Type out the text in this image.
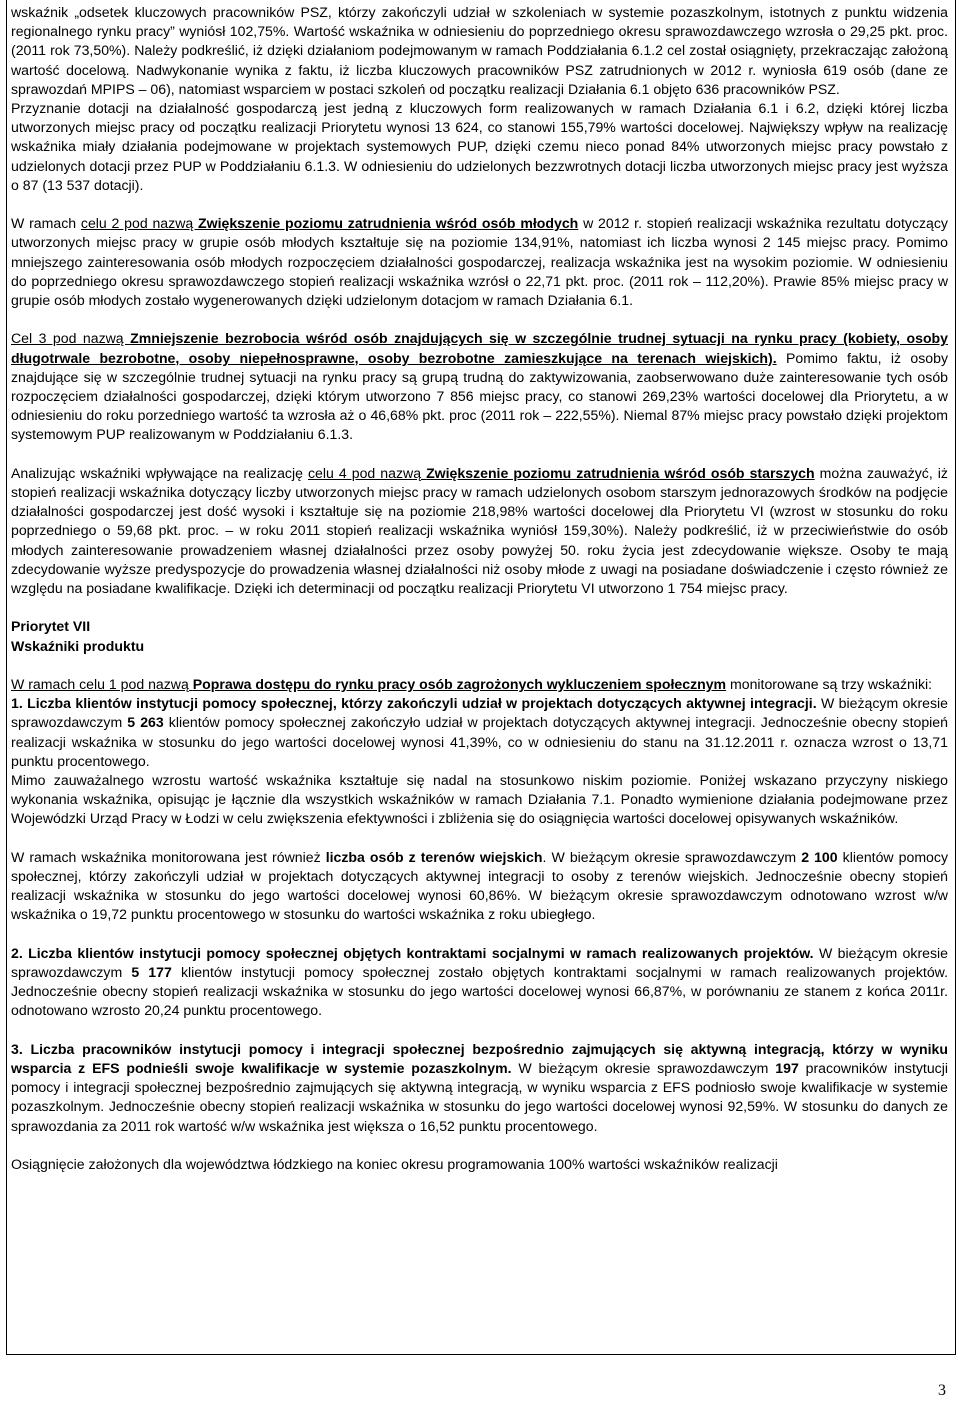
wskaźnik „odsetek kluczowych pracowników PSZ, którzy zakończyli udział w szkoleniach w systemie pozaszkolnym, istotnych z punktu widzenia regionalnego rynku pracy” wyniósł 102,75%. Wartość wskaźnika w odniesieniu do poprzedniego okresu sprawozdawczego wzrosła o 29,25 pkt. proc. (2011 rok 73,50%). Należy podkreślić, iż dzięki działaniom podejmowanym w ramach Poddziałania 6.1.2 cel został osiągnięty, przekraczając założoną wartość docelową. Nadwykonanie wynika z faktu, iż liczba kluczowych pracowników PSZ zatrudnionych w 2012 r. wyniosła 619 osób (dane ze sprawozdań MPIPS – 06), natomiast wsparciem w postaci szkoleń od początku realizacji Działania 6.1 objęto 636 pracowników PSZ.

Przyznanie dotacji na działalność gospodarczą jest jedną z kluczowych form realizowanych w ramach Działania 6.1 i 6.2, dzięki której liczba utworzonych miejsc pracy od początku realizacji Priorytetu wynosi 13 624, co stanowi 155,79% wartości docelowej. Największy wpływ na realizację wskaźnika miały działania podejmowane w projektach systemowych PUP, dzięki czemu nieco ponad 84% utworzonych miejsc pracy powstało z udzielonych dotacji przez PUP w Poddziałaniu 6.1.3. W odniesieniu do udzielonych bezzwrotnych dotacji liczba utworzonych miejsc pracy jest wyższa o 87 (13 537 dotacji).

W ramach celu 2 pod nazwą Zwiększenie poziomu zatrudnienia wśród osób młodych w 2012 r. stopień realizacji wskaźnika rezultatu dotyczący utworzonych miejsc pracy w grupie osób młodych kształtuje się na poziomie 134,91%, natomiast ich liczba wynosi 2 145 miejsc pracy. Pomimo mniejszego zainteresowania osób młodych rozpoczęciem działalności gospodarczej, realizacja wskaźnika jest na wysokim poziomie. W odniesieniu do poprzedniego okresu sprawozdawczego stopień realizacji wskaźnika wzrósł o 22,71 pkt. proc. (2011 rok – 112,20%). Prawie 85% miejsc pracy w grupie osób młodych zostało wygenerowanych dzięki udzielonym dotacjom w ramach Działania 6.1.

Cel 3 pod nazwą Zmniejszenie bezrobocia wśród osób znajdujących się w szczególnie trudnej sytuacji na rynku pracy (kobiety, osoby długotrwale bezrobotne, osoby niepełnosprawne, osoby bezrobotne zamieszkujące na terenach wiejskich). Pomimo faktu, iż osoby znajdujące się w szczególnie trudnej sytuacji na rynku pracy są grupą trudną do zaktywizowania, zaobserwowano duże zainteresowanie tych osób rozpoczęciem działalności gospodarczej, dzięki którym utworzono 7 856 miejsc pracy, co stanowi 269,23% wartości docelowej dla Priorytetu, a w odniesieniu do roku porzedniego wartość ta wzrosła aż o 46,68% pkt. proc (2011 rok – 222,55%). Niemal 87% miejsc pracy powstało dzięki projektom systemowym PUP realizowanym w Poddziałaniu 6.1.3.

Analizując wskaźniki wpływające na realizację celu 4 pod nazwą Zwiększenie poziomu zatrudnienia wśród osób starszych można zauważyć, iż stopień realizacji wskaźnika dotyczący liczby utworzonych miejsc pracy w ramach udzielonych osobom starszym jednorazowych środków na podjęcie działalności gospodarczej jest dość wysoki i kształtuje się na poziomie 218,98% wartości docelowej dla Priorytetu VI (wzrost w stosunku do roku poprzedniego o 59,68 pkt. proc. – w roku 2011 stopień realizacji wskaźnika wyniósł 159,30%). Należy podkreślić, iż w przeciwieństwie do osób młodych zainteresowanie prowadzeniem własnej działalności przez osoby powyżej 50. roku życia jest zdecydowanie większe. Osoby te mają zdecydowanie wyższe predyspozycje do prowadzenia własnej działalności niż osoby młode z uwagi na posiadane doświadczenie i często również ze względu na posiadane kwalifikacje. Dzięki ich determinacji od początku realizacji Priorytetu VI utworzono 1 754 miejsc pracy.

Priorytet VII

Wskaźniki produktu

W ramach celu 1 pod nazwą Poprawa dostępu do rynku pracy osób zagrożonych wykluczeniem społecznym monitorowane są trzy wskaźniki:

1. Liczba klientów instytucji pomocy społecznej, którzy zakończyli udział w projektach dotyczących aktywnej integracji. W bieżącym okresie sprawozdawczym 5 263 klientów pomocy społecznej zakończyło udział w projektach dotyczących aktywnej integracji. Jednocześnie obecny stopień realizacji wskaźnika w stosunku do jego wartości docelowej wynosi 41,39%, co w odniesieniu do stanu na 31.12.2011 r. oznacza wzrost o 13,71 punktu procentowego.

Mimo zauważalnego wzrostu wartość wskaźnika kształtuje się nadal na stosunkowo niskim poziomie. Poniżej wskazano przyczyny niskiego wykonania wskaźnika, opisując je łącznie dla wszystkich wskaźników w ramach Działania 7.1. Ponadto wymienione działania podejmowane przez Wojewódzki Urząd Pracy w Łodzi w celu zwiększenia efektywności i zbliżenia się do osiągnięcia wartości docelowej opisywanych wskaźników.

W ramach wskaźnika monitorowana jest również liczba osób z terenów wiejskich. W bieżącym okresie sprawozdawczym 2 100 klientów pomocy społecznej, którzy zakończyli udział w projektach dotyczących aktywnej integracji to osoby z terenów wiejskich. Jednocześnie obecny stopień realizacji wskaźnika w stosunku do jego wartości docelowej wynosi 60,86%. W bieżącym okresie sprawozdawczym odnotowano wzrost w/w wskaźnika o 19,72 punktu procentowego w stosunku do wartości wskaźnika z roku ubiegłego.

2. Liczba klientów instytucji pomocy społecznej objętych kontraktami socjalnymi w ramach realizowanych projektów. W bieżącym okresie sprawozdawczym 5 177 klientów instytucji pomocy społecznej zostało objętych kontraktami socjalnymi w ramach realizowanych projektów. Jednocześnie obecny stopień realizacji wskaźnika w stosunku do jego wartości docelowej wynosi 66,87%, w porównaniu ze stanem z końca 2011r. odnotowano wzrosto 20,24 punktu procentowego.

3. Liczba pracowników instytucji pomocy i integracji społecznej bezpośrednio zajmujących się aktywną integracją, którzy w wyniku wsparcia z EFS podnieśli swoje kwalifikacje w systemie pozaszkolnym. W bieżącym okresie sprawozdawczym 197 pracowników instytucji pomocy i integracji społecznej bezpośrednio zajmujących się aktywną integracją, w wyniku wsparcia z EFS podniosło swoje kwalifikacje w systemie pozaszkolnym. Jednocześnie obecny stopień realizacji wskaźnika w stosunku do jego wartości docelowej wynosi 92,59%. W stosunku do danych ze sprawozdania za 2011 rok wartość w/w wskaźnika jest większa o 16,52 punktu procentowego.

Osiągnięcie założonych dla województwa łódzkiego na koniec okresu programowania 100% wartości wskaźników realizacji

3
